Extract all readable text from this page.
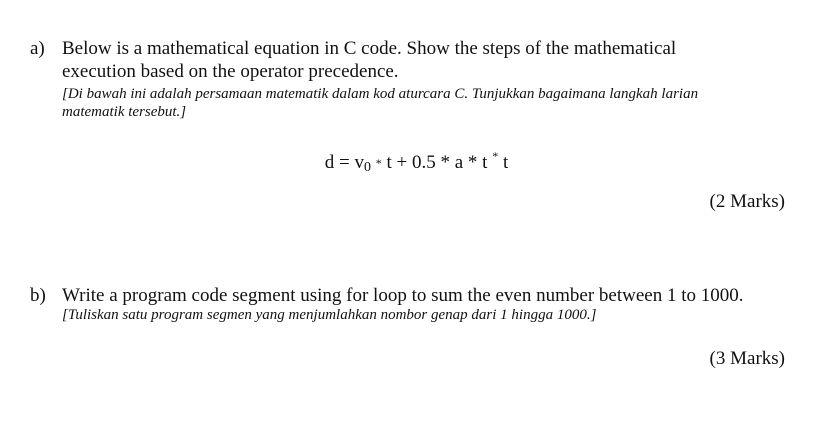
a) Below is a mathematical equation in C code. Show the steps of the mathematical
execution based on the operator precedence.
[Di bawah ini adalah persamaan matematik dalam kod aturcara C. Tunjukkan bagaimana langkah larian
matematik tersebut.]
$d = v_0 * t + 0.5 * a * t$ * t
(2 Marks)
b) Write a program code segment using for loop to sum the even number between 1 to 1000.
[Tuliskan satu program segmen yang menjumlahkan nombor genap dari 1 hingga 1000.]
(3 Marks)
